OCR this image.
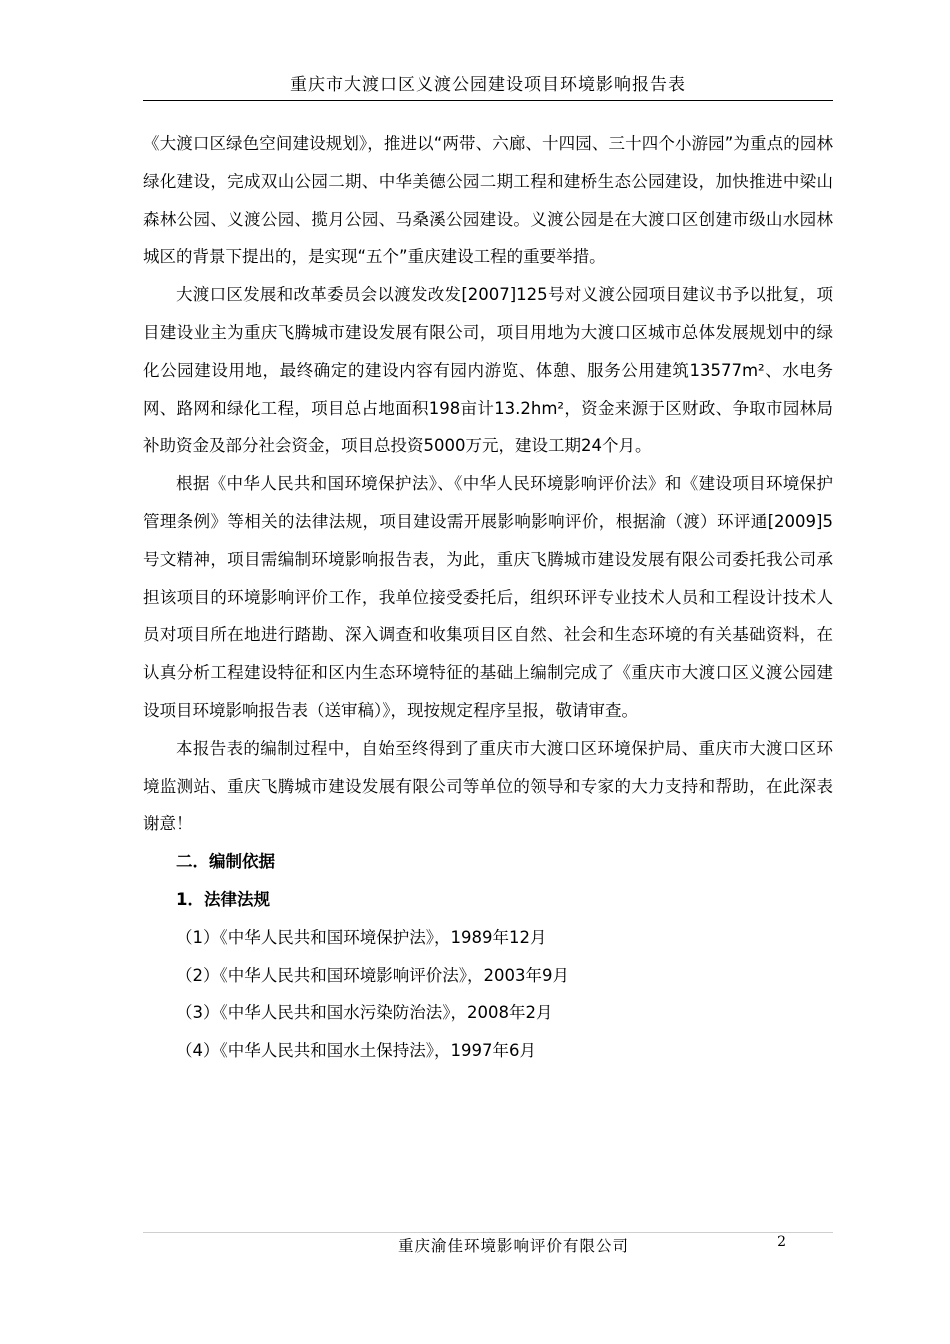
重庆市大渡口区义渡公园建设项目环境影响报告表

《大渡口区绿色空间建设规划》，推进以“两带、六廊、十四园、三十四个小游园”为重点的园林绿化建设，完成双山公园二期、中华美德公园二期工程和建桥生态公园建设，加快推进中梁山森林公园、义渡公园、揽月公园、马桑溪公园建设。义渡公园是在大渡口区创建市级山水园林城区的背景下提出的，是实现“五个”重庆建设工程的重要举措。

大渡口区发展和改革委员会以渡发改发[2007]125号对义渡公园项目建议书予以批复，项目建设业主为重庆飞腾城市建设发展有限公司，项目用地为大渡口区城市总体发展规划中的绿化公园建设用地，最终确定的建设内容有园内游览、体憩、服务公用建筑13577m²、水电务网、路网和绿化工程，项目总占地面积198亩计13.2hm²，资金来源于区财政、争取市园林局补助资金及部分社会资金，项目总投资5000万元，建设工期24个月。

根据《中华人民共和国环境保护法》、《中华人民环境影响评价法》和《建设项目环境保护管理条例》等相关的法律法规，项目建设需开展影响影响评价，根据渝（渡）环评通[2009]5号文精神，项目需编制环境影响报告表，为此，重庆飞腾城市建设发展有限公司委托我公司承担该项目的环境影响评价工作，我单位接受委托后，组织环评专业技术人员和工程设计技术人员对项目所在地进行踏勘、深入调查和收集项目区自然、社会和生态环境的有关基础资料，在认真分析工程建设特征和区内生态环境特征的基础上编制完成了《重庆市大渡口区义渡公园建设项目环境影响报告表（送审稿）》，现按规定程序呈报，敬请审查。

本报告表的编制过程中，自始至终得到了重庆市大渡口区环境保护局、重庆市大渡口区环境监测站、重庆飞腾城市建设发展有限公司等单位的领导和专家的大力支持和帮助，在此深表谢意！

二．编制依据
1．法律法规
（1）《中华人民共和国环境保护法》，1989年12月
（2）《中华人民共和国环境影响评价法》，2003年9月
（3）《中华人民共和国水污染防治法》，2008年2月
（4）《中华人民共和国水土保持法》，1997年6月
重庆渝佳环境影响评价有限公司	2
